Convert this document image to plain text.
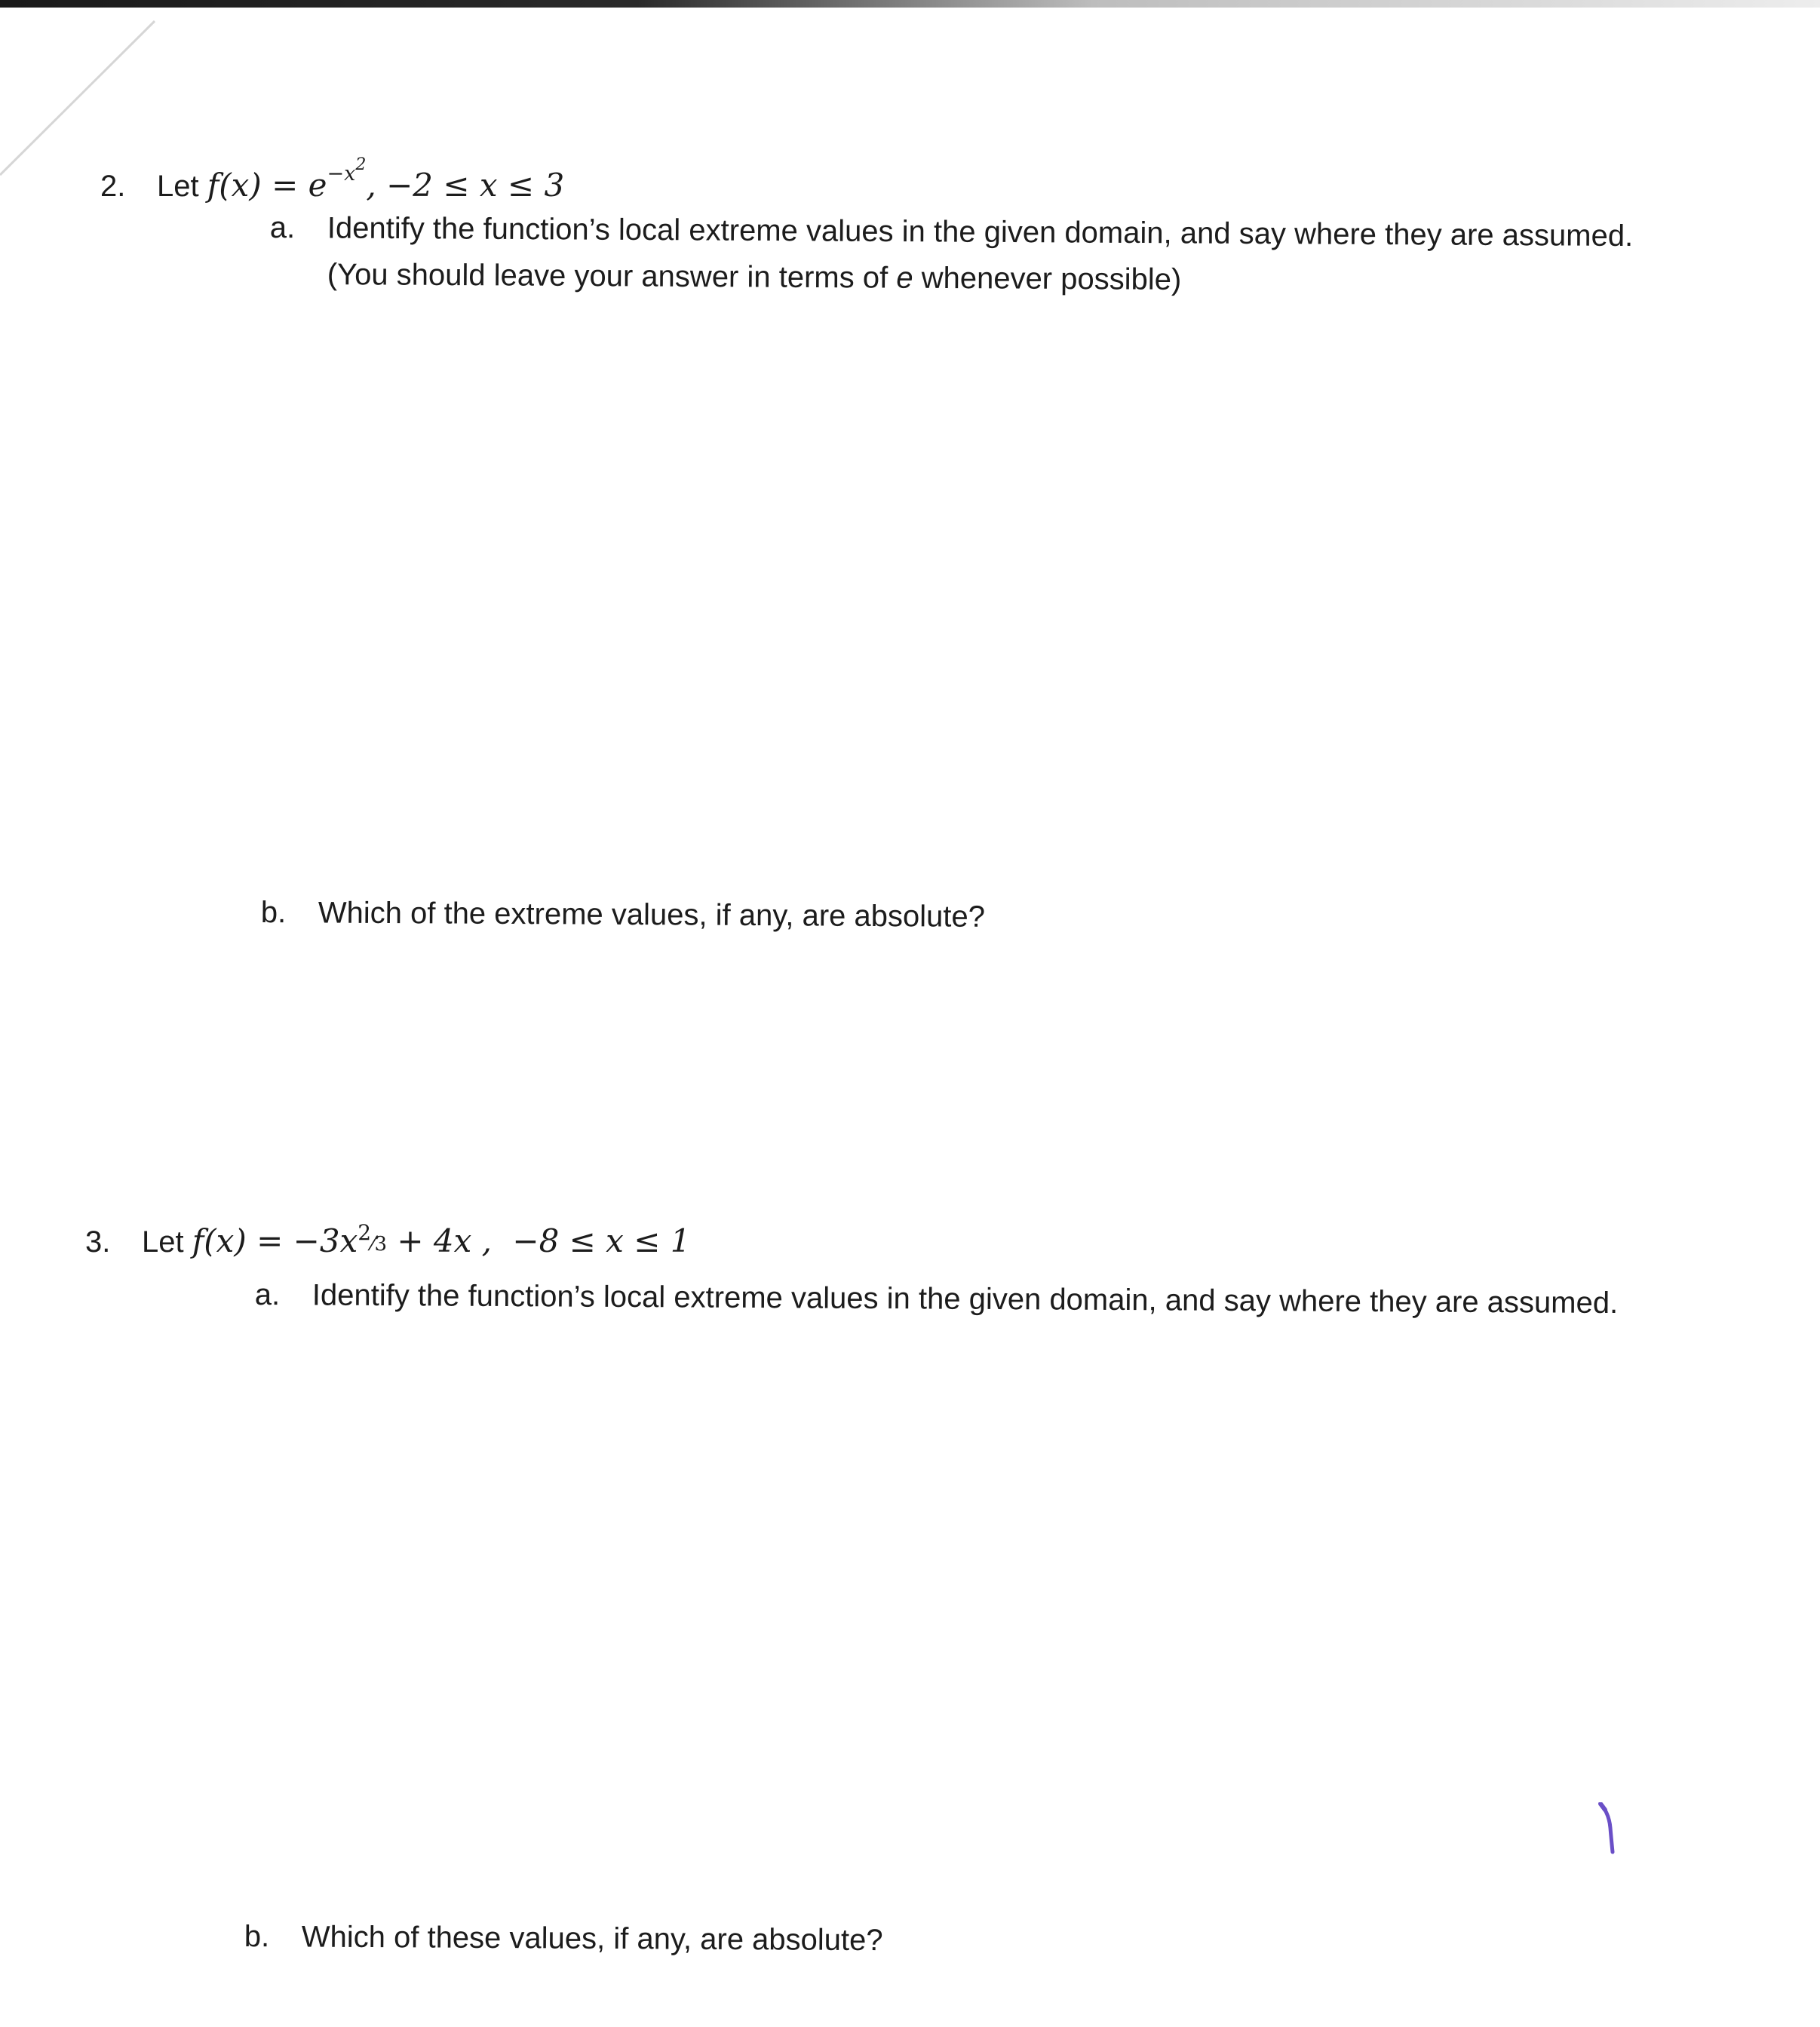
2. Let $f(x) = e^{-x^2}$, −2 ≤ x ≤ 3
a. Identify the function’s local extreme values in the given domain, and say where they are assumed.
(You should leave your answer in terms of e whenever possible)
b. Which of the extreme values, if any, are absolute?
3. Let $f(x) = -3x^{2⁄3} + 4x$ , −8 ≤ x ≤ 1
a. Identify the function’s local extreme values in the given domain, and say where they are assumed.
b. Which of these values, if any, are absolute?
